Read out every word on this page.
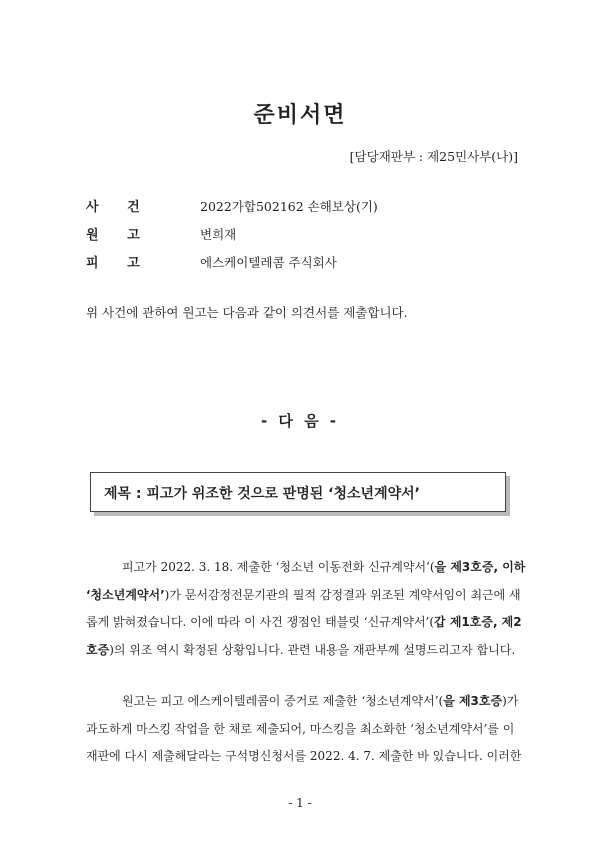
준비서면
[담당재판부 : 제25민사부(나)]
사 건	2022가합502162 손해보상(기)
원 고	변희재
피 고	에스케이텔레콤 주식회사
위 사건에 관하여 원고는 다음과 같이 의견서를 제출합니다.
- 다 음 -
제목 : 피고가 위조한 것으로 판명된 ‘청소년계약서’
피고가 2022. 3. 18. 제출한 ‘청소년 이동전화 신규계약서’(을 제3호증, 이하
‘청소년계약서’)가 문서감정전문기관의 필적 감정결과 위조된 계약서임이 최근에 새
롭게 밝혀졌습니다. 이에 따라 이 사건 쟁점인 태블릿 ‘신규계약서’(갑 제1호증, 제2
호증)의 위조 역시 확정된 상황입니다. 관련 내용을 재판부께 설명드리고자 합니다.
원고는 피고 에스케이텔레콤이 증거로 제출한 ‘청소년계약서’(을 제3호증)가
과도하게 마스킹 작업을 한 채로 제출되어, 마스킹을 최소화한 ‘청소년계약서’를 이
재판에 다시 제출해달라는 구석명신청서를 2022. 4. 7. 제출한 바 있습니다. 이러한
- 1 -
